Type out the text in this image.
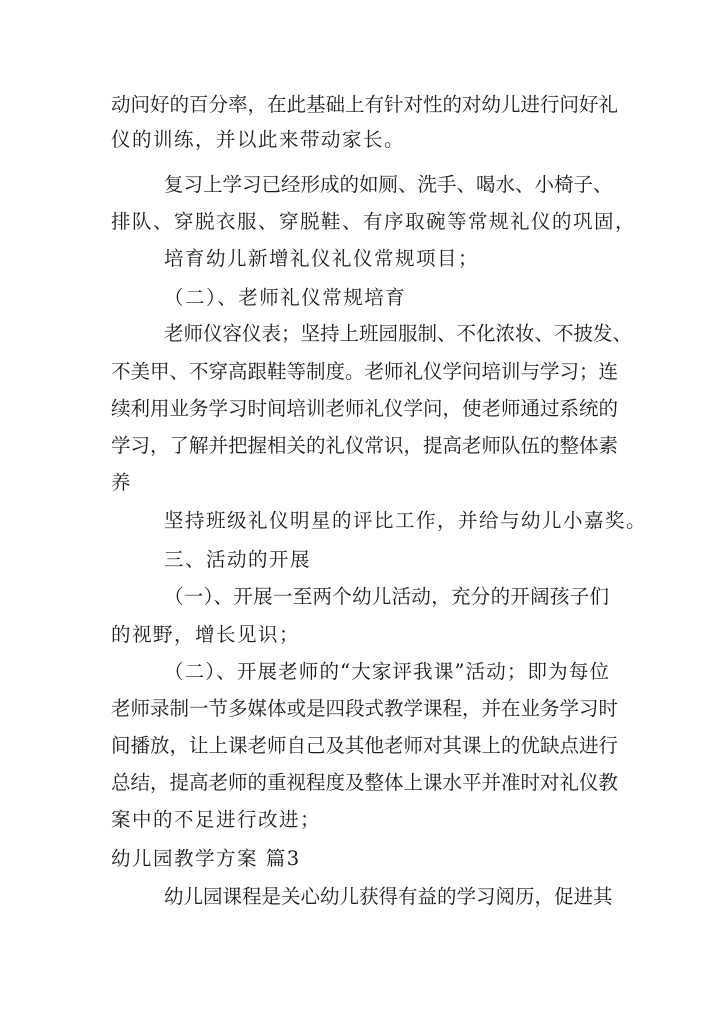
动问好的百分率，在此基础上有针对性的对幼儿进行问好礼
仪的训练，并以此来带动家长。
复习上学习已经形成的如厕、洗手、喝水、小椅子、
排队、穿脱衣服、穿脱鞋、有序取碗等常规礼仪的巩固，
培育幼儿新增礼仪礼仪常规项目；
（二）、老师礼仪常规培育
老师仪容仪表；坚持上班园服制、不化浓妆、不披发、
不美甲、不穿高跟鞋等制度。老师礼仪学问培训与学习；连
续利用业务学习时间培训老师礼仪学问，使老师通过系统的
学习，了解并把握相关的礼仪常识，提高老师队伍的整体素
养
坚持班级礼仪明星的评比工作，并给与幼儿小嘉奖。
三、活动的开展
（一）、开展一至两个幼儿活动，充分的开阔孩子们
的视野，增长见识；
（二）、开展老师的“大家评我课”活动；即为每位
老师录制一节多媒体或是四段式教学课程，并在业务学习时
间播放，让上课老师自己及其他老师对其课上的优缺点进行
总结，提高老师的重视程度及整体上课水平并准时对礼仪教
案中的不足进行改进；
幼儿园教学方案 篇3
幼儿园课程是关心幼儿获得有益的学习阅历，促进其
